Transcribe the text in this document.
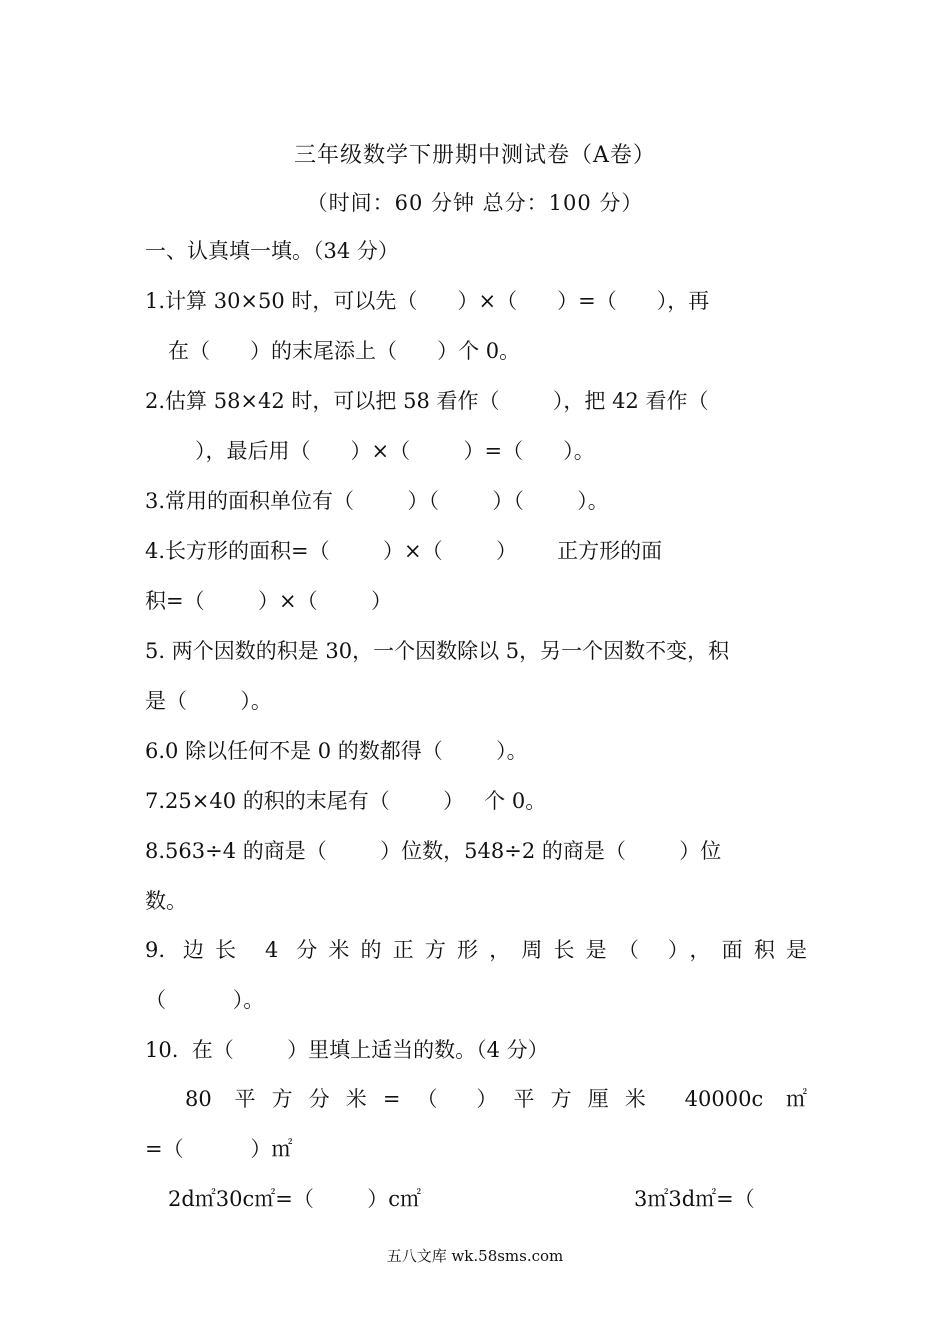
三年级数学下册期中测试卷（A卷）
（时间：60 分钟 总分：100 分）
一、认真填一填。（34 分）
1.计算 30×50 时，可以先（      ）×（      ）=（      ），再
在（      ）的末尾添上（      ）个 0。
2.估算 58×42 时，可以把 58 看作（        ），把 42 看作（
），最后用（      ）×（        ）=（      ）。
3.常用的面积单位有（        ）（        ）（        ）。
4.长方形的面积=（        ）×（        ）      正方形的面
积=（        ）×（        ）
5. 两个因数的积是 30，一个因数除以 5，另一个因数不变，积
是（        ）。
6.0 除以任何不是 0 的数都得（        ）。
7.25×40 的积的末尾有（        ）   个 0。
8.563÷4 的商是（        ）位数，548÷2 的商是（        ）位
数。
9. 边长 4 分米的正方形，周长是（ ），面积是
（          ）。
10.  在（        ）里填上适当的数。（4 分）
80 平方分米=（ ）平方厘米 40000c ㎡
=（          ）㎡
2d㎡30c㎡=（        ）c㎡	3㎡3d㎡=（
五八文库 wk.58sms.com
